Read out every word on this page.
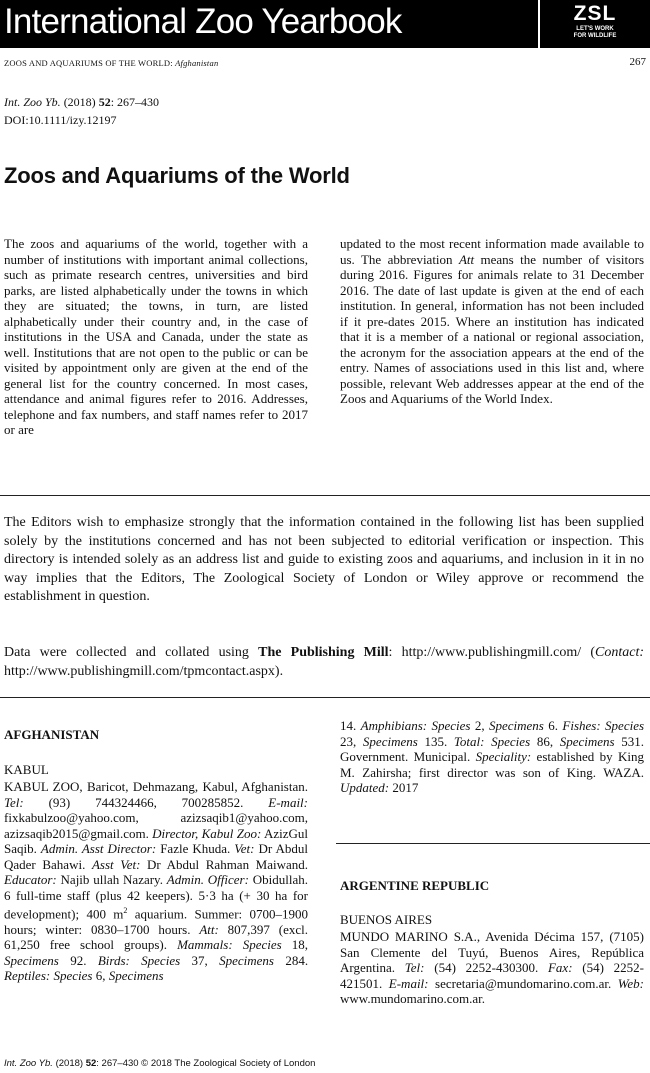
International Zoo Yearbook	ZSL
LET'S WORK
FOR WILDLIFE
ZOOS AND AQUARIUMS OF THE WORLD: Afghanistan	267
Int. Zoo Yb. (2018) 52: 267–430
DOI:10.1111/izy.12197
Zoos and Aquariums of the World
The zoos and aquariums of the world, together with a number of institutions with important animal collections, such as primate research centres, universities and bird parks, are listed alphabetically under the towns in which they are situated; the towns, in turn, are listed alphabetically under their country and, in the case of institutions in the USA and Canada, under the state as well. Institutions that are not open to the public or can be visited by appointment only are given at the end of the general list for the country concerned. In most cases, attendance and animal figures refer to 2016. Addresses, telephone and fax numbers, and staff names refer to 2017 or are
updated to the most recent information made available to us. The abbreviation Att means the number of visitors during 2016. Figures for animals relate to 31 December 2016. The date of last update is given at the end of each institution. In general, information has not been included if it pre-dates 2015. Where an institution has indicated that it is a member of a national or regional association, the acronym for the association appears at the end of the entry. Names of associations used in this list and, where possible, relevant Web addresses appear at the end of the Zoos and Aquariums of the World Index.
The Editors wish to emphasize strongly that the information contained in the following list has been supplied solely by the institutions concerned and has not been subjected to editorial verification or inspection. This directory is intended solely as an address list and guide to existing zoos and aquariums, and inclusion in it in no way implies that the Editors, The Zoological Society of London or Wiley approve or recommend the establishment in question.
Data were collected and collated using The Publishing Mill: http://www.publishingmill.com/ (Contact: http://www.publishingmill.com/tpmcontact.aspx).
AFGHANISTAN
KABUL
KABUL ZOO, Baricot, Dehmazang, Kabul, Afghanistan. Tel: (93) 744324466, 700285852. E-mail: fixkabulzoo@yahoo.com, azizsaqib1@yahoo.com, azizsaqib2015@gmail.com. Director, Kabul Zoo: AzizGul Saqib. Admin. Asst Director: Fazle Khuda. Vet: Dr Abdul Qader Bahawi. Asst Vet: Dr Abdul Rahman Maiwand. Educator: Najib ullah Nazary. Admin. Officer: Obidullah. 6 full-time staff (plus 42 keepers). 5·3 ha (+ 30 ha for development); 400 $m^2$ aquarium. Summer: 0700–1900 hours; winter: 0830–1700 hours. Att: 807,397 (excl. 61,250 free school groups). Mammals: Species 18, Specimens 92. Birds: Species 37, Specimens 284. Reptiles: Species 6, Specimens
14. Amphibians: Species 2, Specimens 6. Fishes: Species 23, Specimens 135. Total: Species 86, Specimens 531. Government. Municipal. Speciality: established by King M. Zahirsha; first director was son of King. WAZA. Updated: 2017
ARGENTINE REPUBLIC
BUENOS AIRES
MUNDO MARINO S.A., Avenida Décima 157, (7105) San Clemente del Tuyú, Buenos Aires, República Argentina. Tel: (54) 2252-430300. Fax: (54) 2252-421501. E-mail: secretaria@mundomarino.com.ar. Web: www.mundomarino.com.ar.
Int. Zoo Yb. (2018) 52: 267–430 © 2018 The Zoological Society of London
